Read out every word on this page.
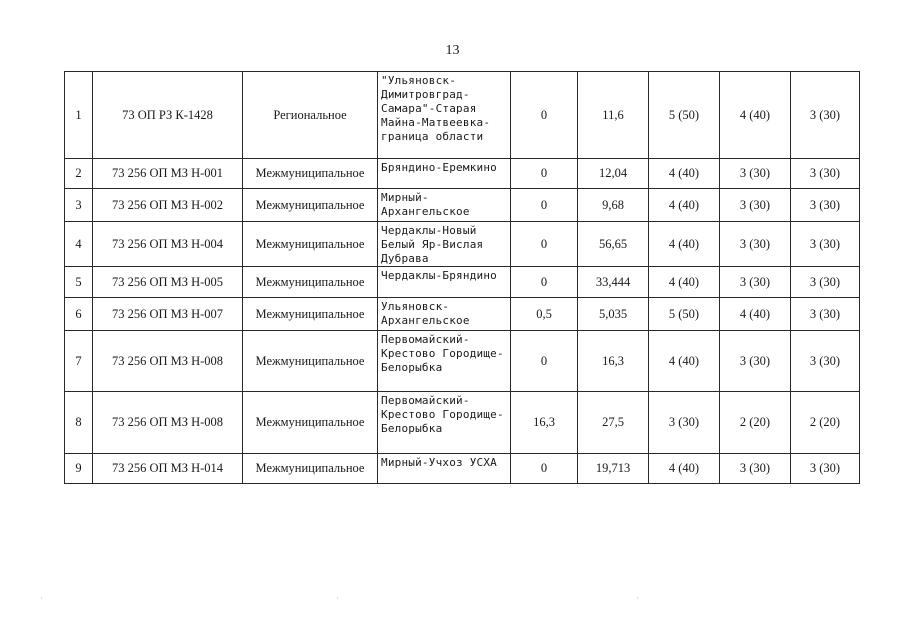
13
1	73 ОП РЗ К-1428	Региональное	"Ульяновск-Димитровград-Самара"-Старая Майна-Матвеевка-граница области	0	11,6	5 (50)	4 (40)	3 (30)
2	73 256 ОП МЗ Н-001	Межмуниципальное	Бряндино-Еремкино	0	12,04	4 (40)	3 (30)	3 (30)
3	73 256 ОП МЗ Н-002	Межмуниципальное	Мирный-Архангельское	0	9,68	4 (40)	3 (30)	3 (30)
4	73 256 ОП МЗ Н-004	Межмуниципальное	Чердаклы-Новый Белый Яр-Вислая Дубрава	0	56,65	4 (40)	3 (30)	3 (30)
5	73 256 ОП МЗ Н-005	Межмуниципальное	Чердаклы-Бряндино	0	33,444	4 (40)	3 (30)	3 (30)
6	73 256 ОП МЗ Н-007	Межмуниципальное	Ульяновск-Архангельское	0,5	5,035	5 (50)	4 (40)	3 (30)
7	73 256 ОП МЗ Н-008	Межмуниципальное	Первомайский-Крестово Городище-Белорыбка	0	16,3	4 (40)	3 (30)	3 (30)
8	73 256 ОП МЗ Н-008	Межмуниципальное	Первомайский-Крестово Городище-Белорыбка	16,3	27,5	3 (30)	2 (20)	2 (20)
9	73 256 ОП МЗ Н-014	Межмуниципальное	Мирный-Учхоз УСХА	0	19,713	4 (40)	3 (30)	3 (30)
˙	˙	˙
